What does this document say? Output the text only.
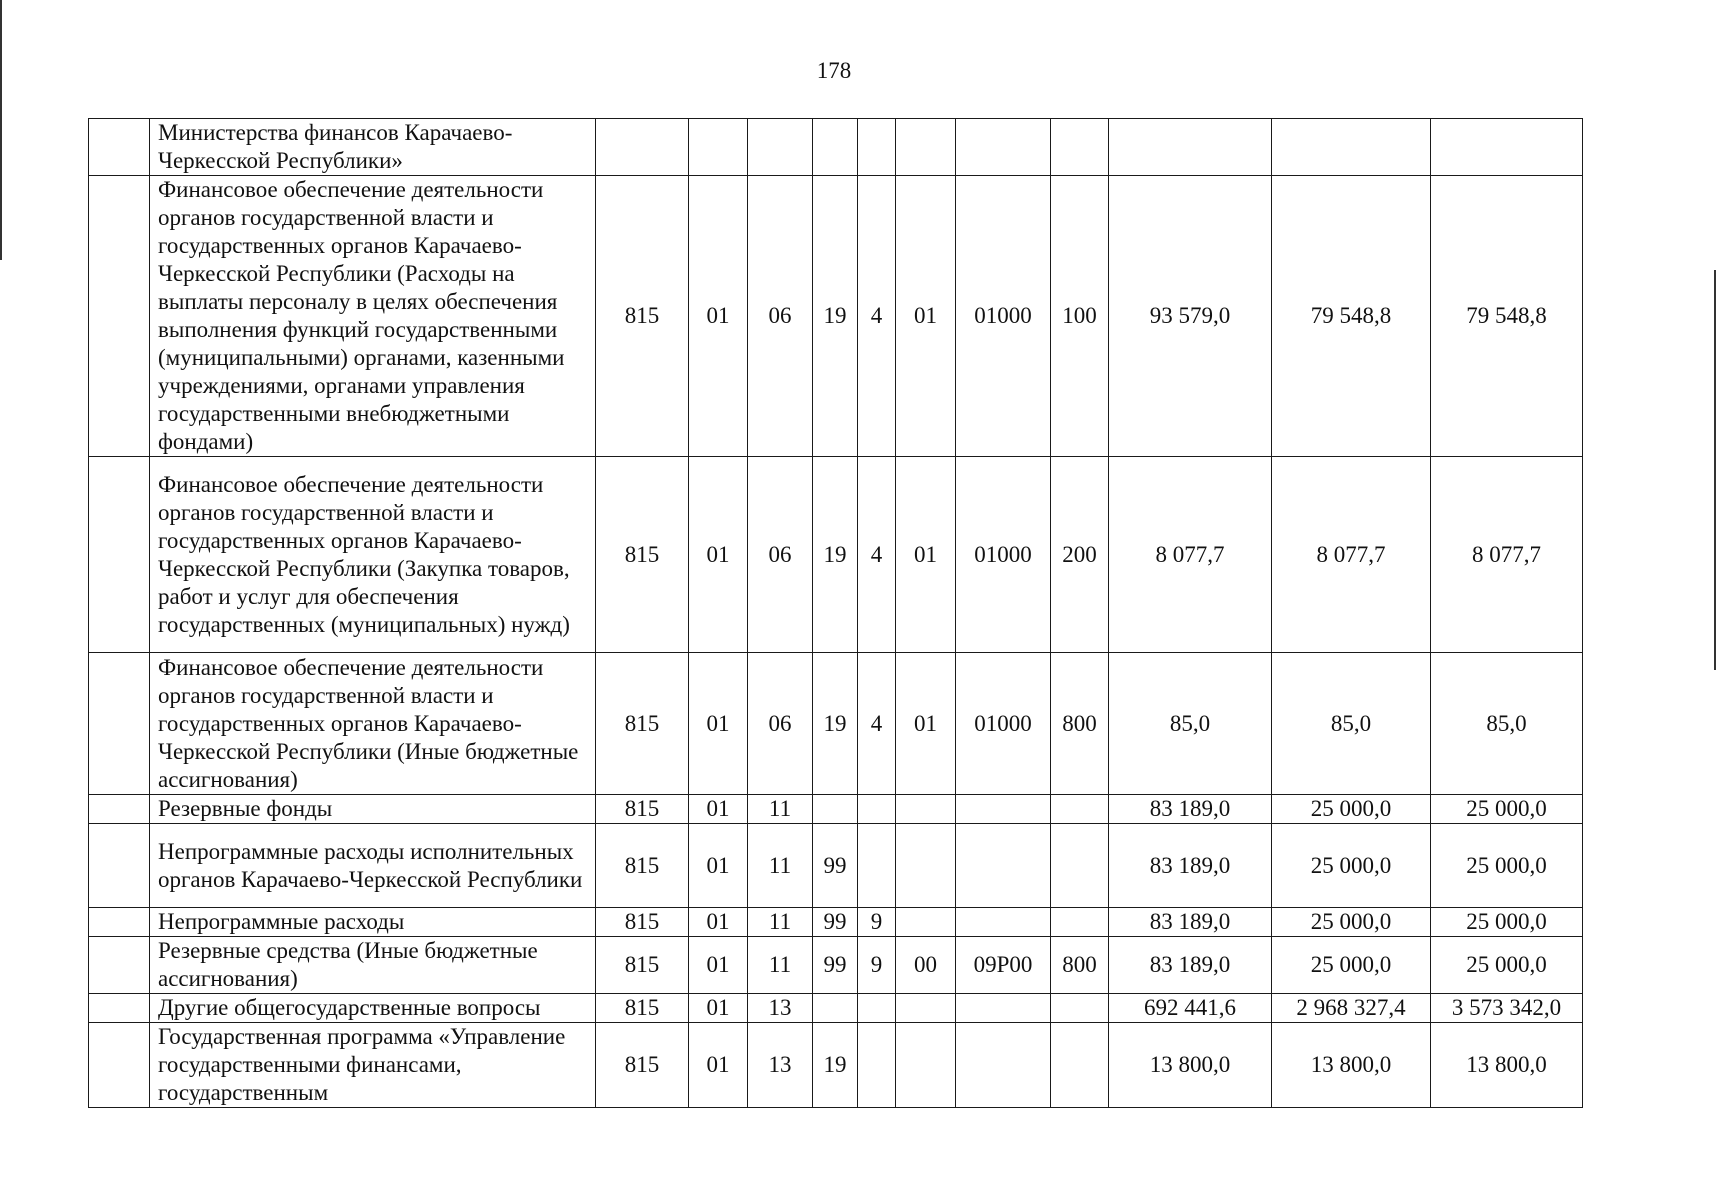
178
	Министерства финансов Карачаево-Черкесской Республики»											
	Финансовое обеспечение деятельности органов государственной власти и государственных органов Карачаево-Черкесской Республики (Расходы на выплаты персоналу в целях обеспечения выполнения функций государственными (муниципальными) органами, казенными учреждениями, органами управления государственными внебюджетными фондами)	815	01	06	19	4	01	01000	100	93 579,0	79 548,8	79 548,8
	Финансовое обеспечение деятельности органов государственной власти и государственных органов Карачаево-Черкесской Республики (Закупка товаров, работ и услуг для обеспечения государственных (муниципальных) нужд)	815	01	06	19	4	01	01000	200	8 077,7	8 077,7	8 077,7
	Финансовое обеспечение деятельности органов государственной власти и государственных органов Карачаево-Черкесской Республики (Иные бюджетные ассигнования)	815	01	06	19	4	01	01000	800	85,0	85,0	85,0
	Резервные фонды	815	01	11						83 189,0	25 000,0	25 000,0
	Непрограммные расходы исполнительных органов Карачаево-Черкесской Республики	815	01	11	99					83 189,0	25 000,0	25 000,0
	Непрограммные расходы	815	01	11	99	9				83 189,0	25 000,0	25 000,0
	Резервные средства (Иные бюджетные ассигнования)	815	01	11	99	9	00	09Р00	800	83 189,0	25 000,0	25 000,0
	Другие общегосударственные вопросы	815	01	13						692 441,6	2 968 327,4	3 573 342,0
	Государственная программа «Управление государственными финансами, государственным	815	01	13	19					13 800,0	13 800,0	13 800,0
